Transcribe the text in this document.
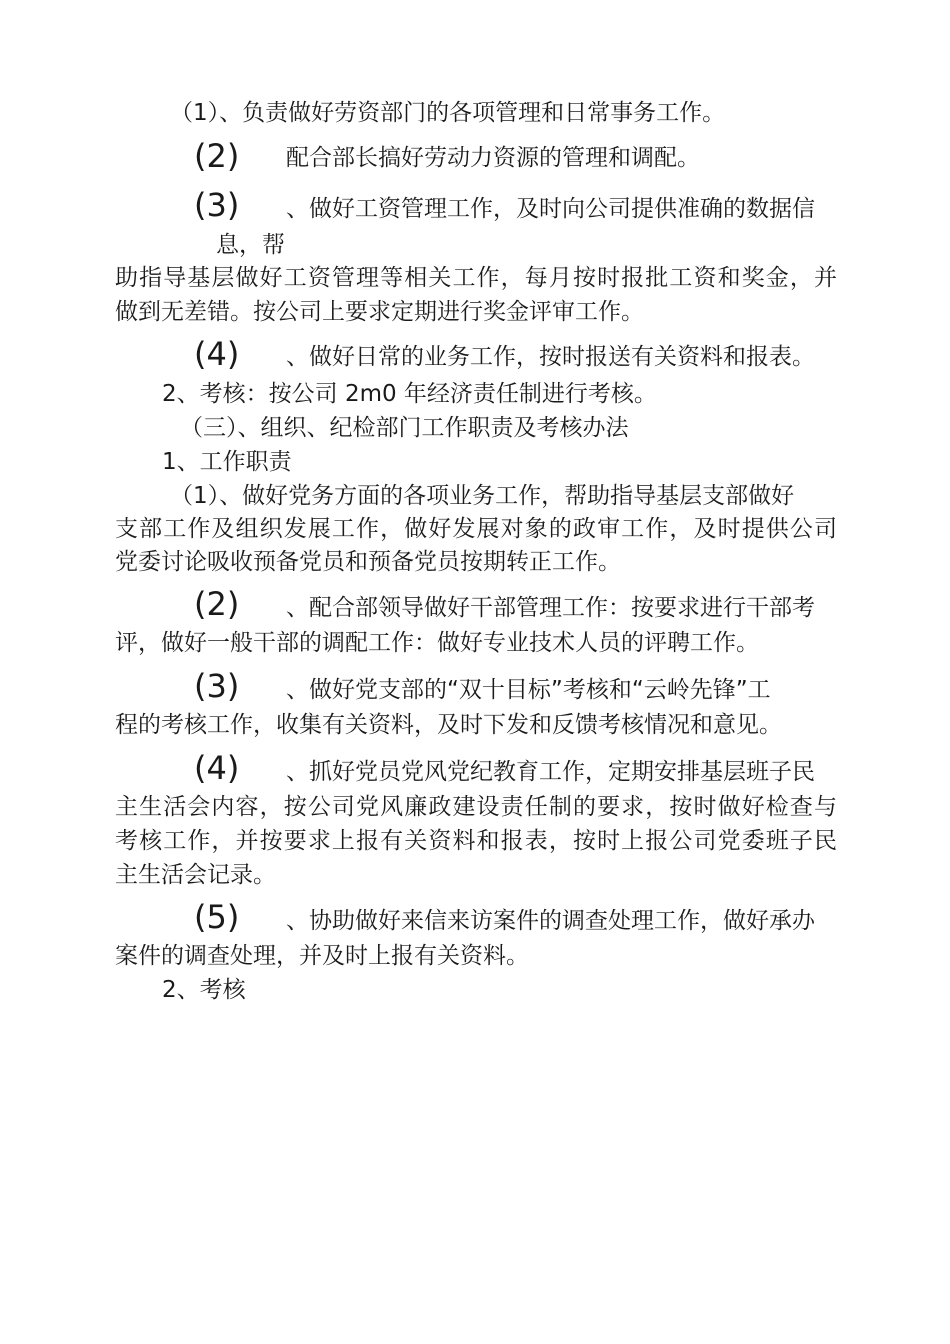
（1）、负责做好劳资部门的各项管理和日常事务工作。
(2) 配合部长搞好劳动力资源的管理和调配。
(3) 、做好工资管理工作，及时向公司提供准确的数据信
息，帮
助指导基层做好工资管理等相关工作，每月按时报批工资和奖金，并
做到无差错。按公司上要求定期进行奖金评审工作。
(4) 、做好日常的业务工作，按时报送有关资料和报表。
2、考核：按公司 2m0 年经济责任制进行考核。
（三）、组织、纪检部门工作职责及考核办法
1、工作职责
（1）、做好党务方面的各项业务工作，帮助指导基层支部做好
支部工作及组织发展工作，做好发展对象的政审工作，及时提供公司
党委讨论吸收预备党员和预备党员按期转正工作。
(2) 、配合部领导做好干部管理工作：按要求进行干部考
评，做好一般干部的调配工作：做好专业技术人员的评聘工作。
(3) 、做好党支部的“双十目标”考核和“云岭先锋”工
程的考核工作，收集有关资料，及时下发和反馈考核情况和意见。
(4) 、抓好党员党风党纪教育工作，定期安排基层班子民
主生活会内容，按公司党风廉政建设责任制的要求，按时做好检查与
考核工作，并按要求上报有关资料和报表，按时上报公司党委班子民
主生活会记录。
(5) 、协助做好来信来访案件的调查处理工作，做好承办
案件的调查处理，并及时上报有关资料。
2、考核
